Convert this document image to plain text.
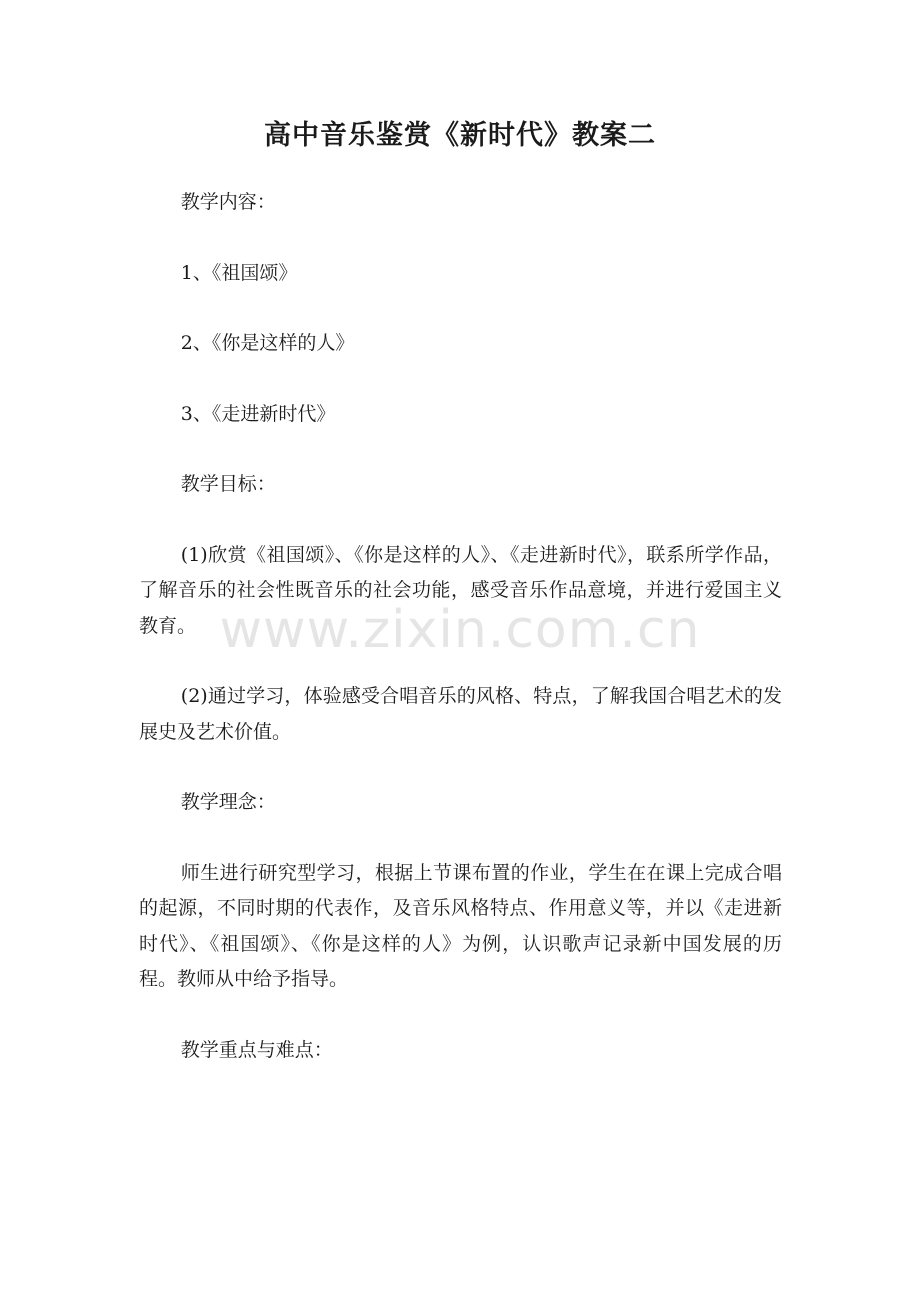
高中音乐鉴赏《新时代》教案二

教学内容：

1、《祖国颂》

2、《你是这样的人》

3、《走进新时代》

教学目标：

(1)欣赏《祖国颂》、《你是这样的人》、《走进新时代》，联系所学作品，了解音乐的社会性既音乐的社会功能，感受音乐作品意境，并进行爱国主义教育。

(2)通过学习，体验感受合唱音乐的风格、特点，了解我国合唱艺术的发展史及艺术价值。

教学理念：

师生进行研究型学习，根据上节课布置的作业，学生在在课上完成合唱的起源，不同时期的代表作，及音乐风格特点、作用意义等，并以《走进新时代》、《祖国颂》、《你是这样的人》为例，认识歌声记录新中国发展的历程。教师从中给予指导。

教学重点与难点：

www.zixin.com.cn
